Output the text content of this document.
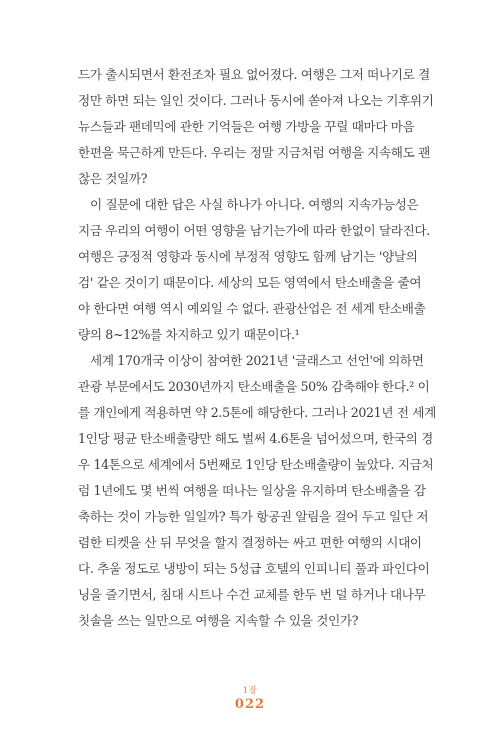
드가 출시되면서 환전조차 필요 없어졌다. 여행은 그저 떠나기로 결
정만 하면 되는 일인 것이다. 그러나 동시에 쏟아져 나오는 기후위기
뉴스들과 팬데믹에 관한 기억들은 여행 가방을 꾸릴 때마다 마음
한편을 묵근하게 만든다. 우리는 정말 지금처럼 여행을 지속해도 괜
찮은 것일까?
이 질문에 대한 답은 사실 하나가 아니다. 여행의 지속가능성은
지금 우리의 여행이 어떤 영향을 남기는가에 따라 한없이 달라진다.
여행은 긍정적 영향과 동시에 부정적 영향도 함께 남기는 '양날의
검' 같은 것이기 때문이다. 세상의 모든 영역에서 탄소배출을 줄여
야 한다면 여행 역시 예외일 수 없다. 관광산업은 전 세계 탄소배출
량의 8~12%를 차지하고 있기 때문이다.¹
세계 170개국 이상이 참여한 2021년 '글래스고 선언'에 의하면
관광 부문에서도 2030년까지 탄소배출을 50% 감축해야 한다.² 이
를 개인에게 적용하면 약 2.5톤에 해당한다. 그러나 2021년 전 세계
1인당 평균 탄소배출량만 해도 벌써 4.6톤을 넘어섰으며, 한국의 경
우 14톤으로 세계에서 5번째로 1인당 탄소배출량이 높았다. 지금처
럼 1년에도 몇 번씩 여행을 떠나는 일상을 유지하며 탄소배출을 감
축하는 것이 가능한 일일까? 특가 항공권 알림을 걸어 두고 일단 저
렴한 티켓을 산 뒤 무엇을 할지 결정하는 싸고 편한 여행의 시대이
다. 추울 정도로 냉방이 되는 5성급 호텔의 인피니티 풀과 파인다이
닝을 즐기면서, 침대 시트나 수건 교체를 한두 번 덜 하거나 대나무
칫솔을 쓰는 일만으로 여행을 지속할 수 있을 것인가?
1장
022
